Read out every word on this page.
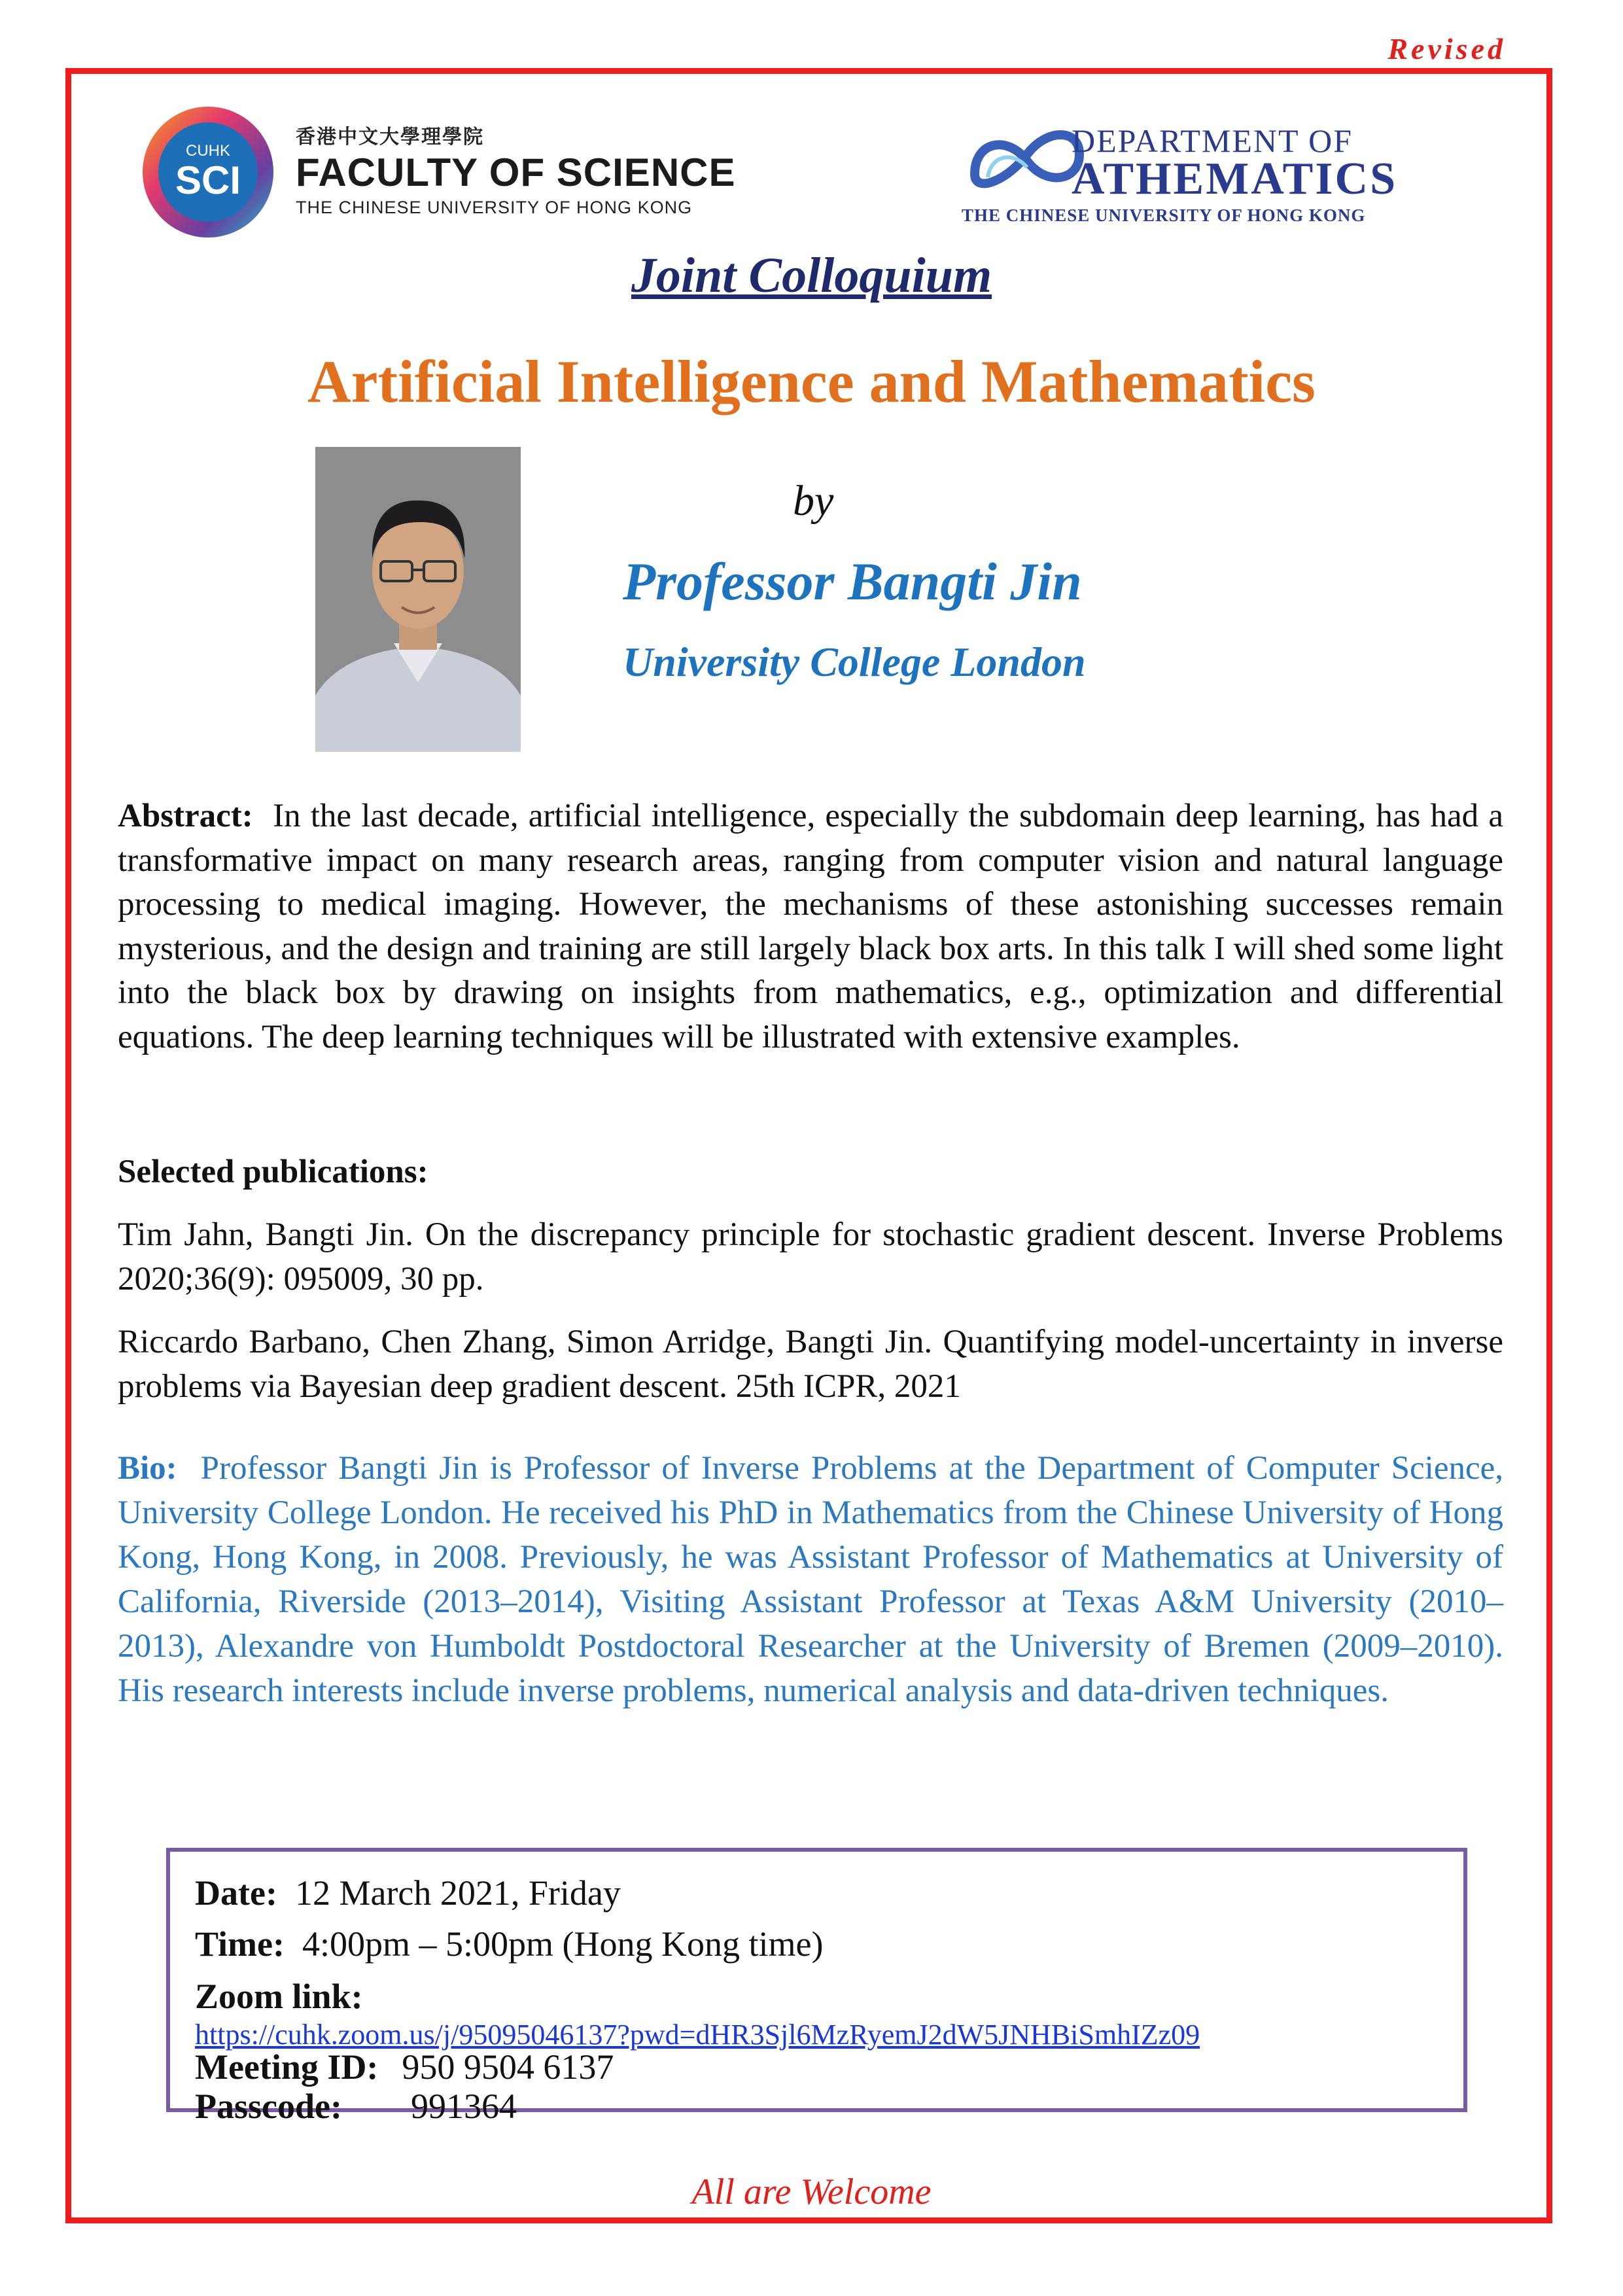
Revised
CUHK
SCI
香港中文大學理學院
FACULTY OF SCIENCE
THE CHINESE UNIVERSITY OF HONG KONG
DEPARTMENT OF
ATHEMATICS
THE CHINESE UNIVERSITY OF HONG KONG
Joint Colloquium
Artificial Intelligence and Mathematics
by
Professor Bangti Jin
University College London
Abstract: In the last decade, artificial intelligence, especially the subdomain deep learning, has had a transformative impact on many research areas, ranging from computer vision and natural language processing to medical imaging. However, the mechanisms of these astonishing successes remain mysterious, and the design and training are still largely black box arts. In this talk I will shed some light into the black box by drawing on insights from mathematics, e.g., optimization and differential equations. The deep learning techniques will be illustrated with extensive examples.
Selected publications:
Tim Jahn, Bangti Jin. On the discrepancy principle for stochastic gradient descent. Inverse Problems 2020;36(9): 095009, 30 pp.
Riccardo Barbano, Chen Zhang, Simon Arridge, Bangti Jin. Quantifying model-uncertainty in inverse problems via Bayesian deep gradient descent. 25th ICPR, 2021
Bio: Professor Bangti Jin is Professor of Inverse Problems at the Department of Computer Science, University College London. He received his PhD in Mathematics from the Chinese University of Hong Kong, Hong Kong, in 2008. Previously, he was Assistant Professor of Mathematics at University of California, Riverside (2013–2014), Visiting Assistant Professor at Texas A&M University (2010–2013), Alexandre von Humboldt Postdoctoral Researcher at the University of Bremen (2009–2010). His research interests include inverse problems, numerical analysis and data-driven techniques.
Date: 12 March 2021, Friday
Time: 4:00pm – 5:00pm (Hong Kong time)
Zoom link:
https://cuhk.zoom.us/j/95095046137?pwd=dHR3Sjl6MzRyemJ2dW5JNHBiSmhIZz09
Meeting ID: 950 9504 6137
Passcode: 991364
All are Welcome
